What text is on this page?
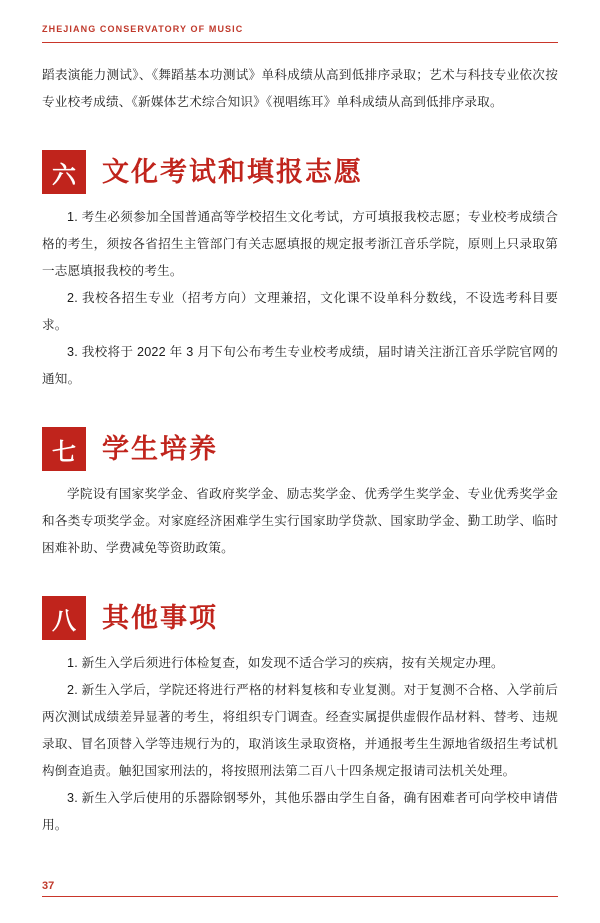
ZHEJIANG CONSERVATORY OF MUSIC

蹈表演能力测试》、《舞蹈基本功测试》单科成绩从高到低排序录取；艺术与科技专业依次按专业校考成绩、《新媒体艺术综合知识》《视唱练耳》单科成绩从高到低排序录取。

六 文化考试和填报志愿

1. 考生必须参加全国普通高等学校招生文化考试，方可填报我校志愿；专业校考成绩合格的考生，须按各省招生主管部门有关志愿填报的规定报考浙江音乐学院，原则上只录取第一志愿填报我校的考生。

2. 我校各招生专业（招考方向）文理兼招，文化课不设单科分数线，不设选考科目要求。

3. 我校将于 2022 年 3 月下旬公布考生专业校考成绩，届时请关注浙江音乐学院官网的通知。

七 学生培养

学院设有国家奖学金、省政府奖学金、励志奖学金、优秀学生奖学金、专业优秀奖学金和各类专项奖学金。对家庭经济困难学生实行国家助学贷款、国家助学金、勤工助学、临时困难补助、学费减免等资助政策。

八 其他事项

1. 新生入学后须进行体检复查，如发现不适合学习的疾病，按有关规定办理。

2. 新生入学后，学院还将进行严格的材料复核和专业复测。对于复测不合格、入学前后两次测试成绩差异显著的考生，将组织专门调查。经查实属提供虚假作品材料、替考、违规录取、冒名顶替入学等违规行为的，取消该生录取资格，并通报考生生源地省级招生考试机构倒查追责。触犯国家刑法的，将按照刑法第二百八十四条规定报请司法机关处理。

3. 新生入学后使用的乐器除钢琴外，其他乐器由学生自备，确有困难者可向学校申请借用。

37
